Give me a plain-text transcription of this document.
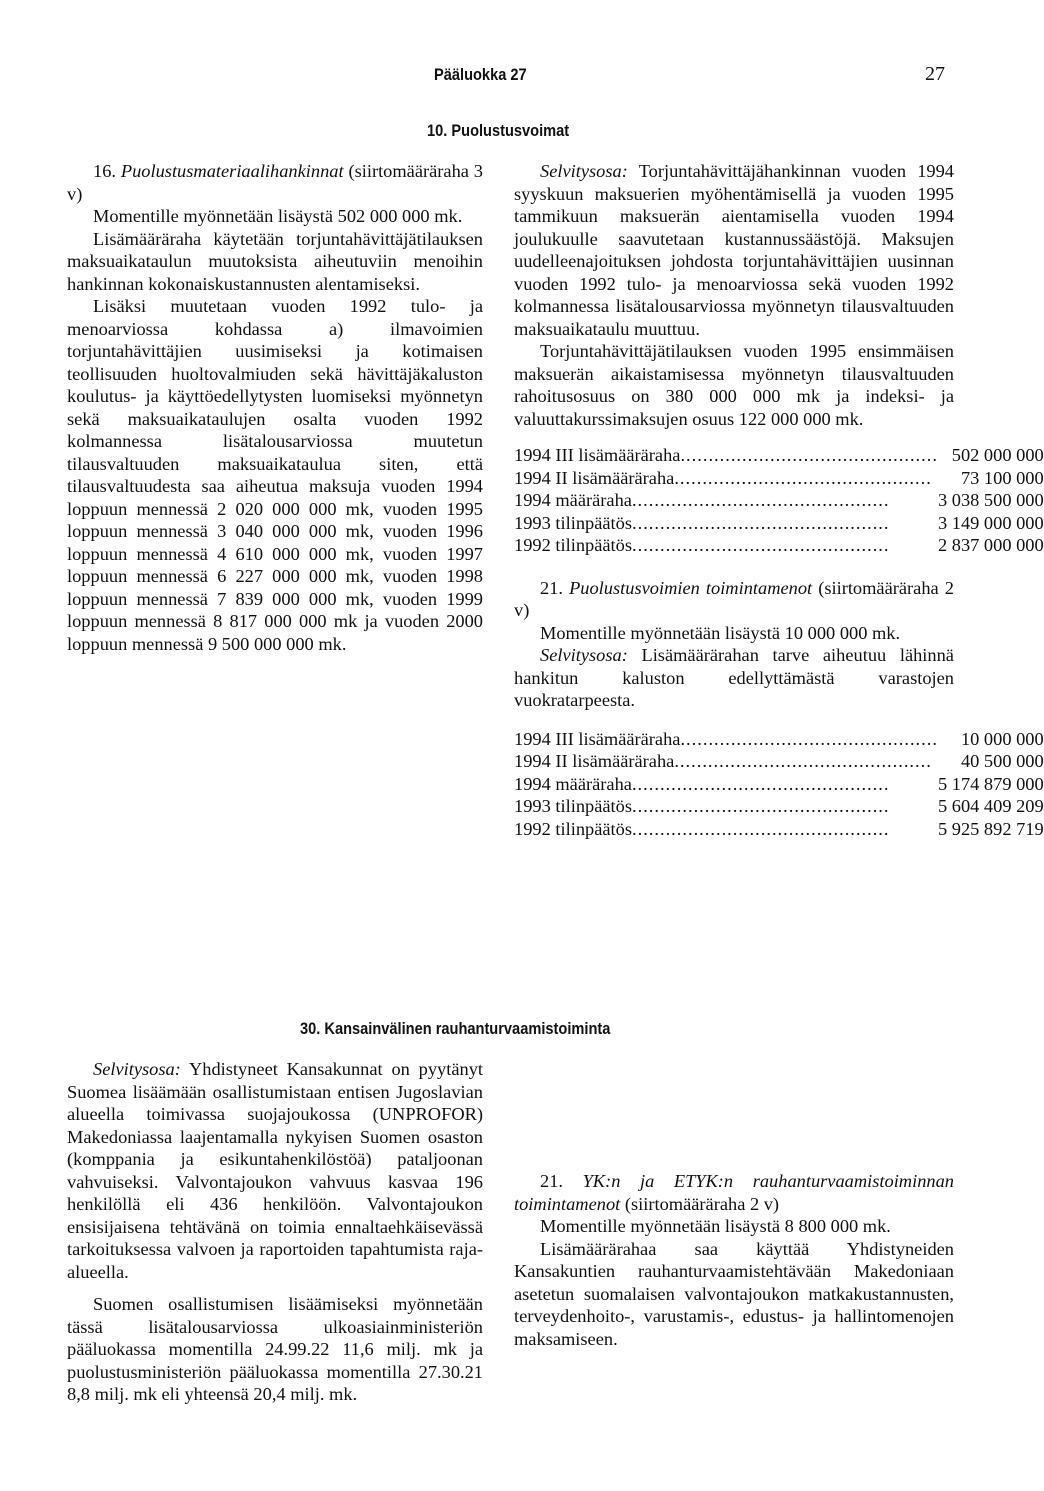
Pääluokka 27	27
10. Puolustusvoimat

16. Puolustusmateriaalihankinnat (siirtomääräraha 3 v)

Momentille myönnetään lisäystä 502 000 000 mk.

Lisämääräraha käytetään torjuntahävittäjätilauksen maksuaikataulun muutoksista aiheutuviin menoihin hankinnan kokonaiskustannusten alentamiseksi.

Lisäksi muutetaan vuoden 1992 tulo- ja menoarviossa kohdassa a) ilmavoimien torjuntahävittäjien uusimiseksi ja kotimaisen teollisuuden huoltovalmiuden sekä hävittäjäkaluston koulutus- ja käyttöedellytysten luomiseksi myönnetyn sekä maksuaikataulujen osalta vuoden 1992 kolmannessa lisätalousarviossa muutetun tilausvaltuuden maksuaikataulua siten, että tilausvaltuudesta saa aiheutua maksuja vuoden 1994 loppuun mennessä 2 020 000 000 mk, vuoden 1995 loppuun mennessä 3 040 000 000 mk, vuoden 1996 loppuun mennessä 4 610 000 000 mk, vuoden 1997 loppuun mennessä 6 227 000 000 mk, vuoden 1998 loppuun mennessä 7 839 000 000 mk, vuoden 1999 loppuun mennessä 8 817 000 000 mk ja vuoden 2000 loppuun mennessä 9 500 000 000 mk.

Selvitysosa: Torjuntahävittäjähankinnan vuoden 1994 syyskuun maksuerien myöhentämisellä ja vuoden 1995 tammikuun maksuerän aientamisella vuoden 1994 joulukuulle saavutetaan kustannussäästöjä. Maksujen uudelleenajoituksen johdosta torjuntahävittäjien uusinnan vuoden 1992 tulo- ja menoarviossa sekä vuoden 1992 kolmannessa lisätalousarviossa myönnetyn tilausvaltuuden maksuaikataulu muuttuu.

Torjuntahävittäjätilauksen vuoden 1995 ensimmäisen maksuerän aikaistamisessa myönnetyn tilausvaltuuden rahoitusosuus on 380 000 000 mk ja indeksi- ja valuuttakurssimaksujen osuus 122 000 000 mk.

1994 III lisämääräraha ..............................................	502 000 000

1994 II lisämääräraha ..............................................	73 100 000

1994 määräraha ..............................................	3 038 500 000

1993 tilinpäätös ..............................................	3 149 000 000

1992 tilinpäätös ..............................................	2 837 000 000

21. Puolustusvoimien toimintamenot (siirtomääräraha 2 v)

Momentille myönnetään lisäystä 10 000 000 mk.

Selvitysosa: Lisämäärärahan tarve aiheutuu lähinnä hankitun kaluston edellyttämästä varastojen vuokratarpeesta.

1994 III lisämääräraha ..............................................	10 000 000

1994 II lisämääräraha ..............................................	40 500 000

1994 määräraha ..............................................	5 174 879 000

1993 tilinpäätös ..............................................	5 604 409 209

1992 tilinpäätös ..............................................	5 925 892 719
30. Kansainvälinen rauhanturvaamistoiminta

Selvitysosa: Yhdistyneet Kansakunnat on pyytänyt Suomea lisäämään osallistumistaan entisen Jugoslavian alueella toimivassa suojajoukossa (UNPROFOR) Makedoniassa laajentamalla nykyisen Suomen osaston (komppania ja esikuntahenkilöstöä) pataljoonan vahvuiseksi. Valvontajoukon vahvuus kasvaa 196 henkilöllä eli 436 henkilöön. Valvontajoukon ensisijaisena tehtävänä on toimia ennaltaehkäisevässä tarkoituksessa valvoen ja raportoiden tapahtumista raja-alueella.

Suomen osallistumisen lisäämiseksi myönnetään tässä lisätalousarviossa ulkoasiainministeriön pääluokassa momentilla 24.99.22 11,6 milj. mk ja puolustusministeriön pääluokassa momentilla 27.30.21 8,8 milj. mk eli yhteensä 20,4 milj. mk.

21. YK:n ja ETYK:n rauhanturvaamistoiminnan toimintamenot (siirtomääräraha 2 v)

Momentille myönnetään lisäystä 8 800 000 mk.

Lisämäärärahaa saa käyttää Yhdistyneiden Kansakuntien rauhanturvaamistehtävään Makedoniaan asetetun suomalaisen valvontajoukon matkakustannusten, terveydenhoito-, varustamis-, edustus- ja hallintomenojen maksamiseen.
